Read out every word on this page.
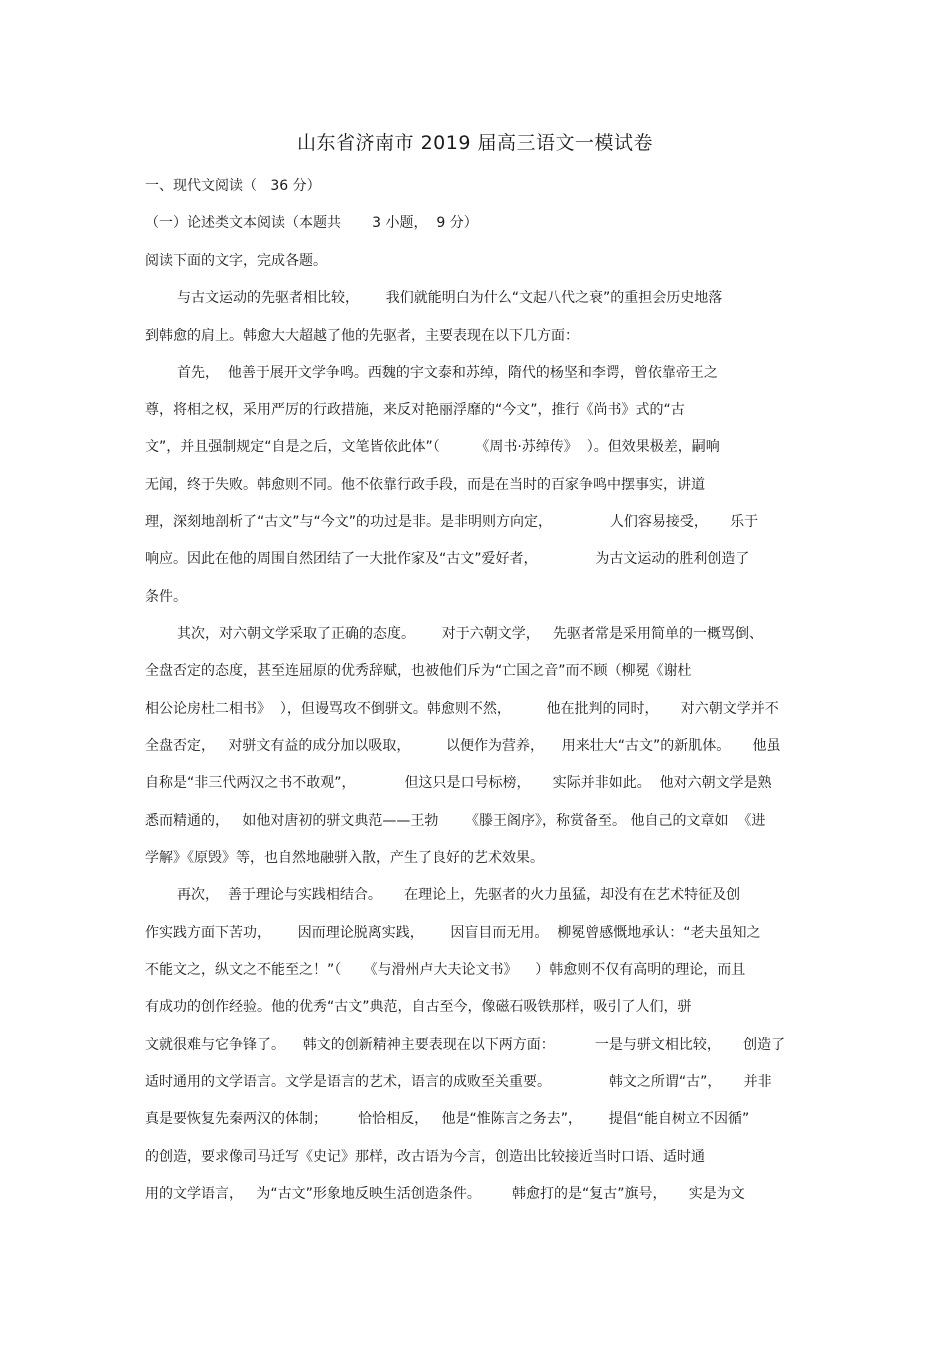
山东省济南市 2019 届高三语文一模试卷
一、现代文阅读（   36 分）
（一）论述类文本阅读（本题共       3 小题，  9 分）
阅读下面的文字，完成各题。
与古文运动的先驱者相比较，      我们就能明白为什么“文起八代之衰”的重担会历史地落
到韩愈的肩上。韩愈大大超越了他的先驱者，主要表现在以下几方面：
首先，  他善于展开文学争鸣。西魏的宇文泰和苏绰，隋代的杨坚和李谔，曾依靠帝王之
尊，将相之权，采用严厉的行政措施，来反对艳丽浮靡的“今文”，推行《尚书》式的“古
文”，并且强制规定“自是之后，文笔皆依此体”（        《周书·苏绰传》  ）。但效果极差，嗣响
无闻，终于失败。韩愈则不同。他不依靠行政手段，而是在当时的百家争鸣中摆事实，讲道
理，深刻地剖析了“古文”与“今文”的功过是非。是非明则方向定，             人们容易接受，     乐于
响应。因此在他的周围自然团结了一大批作家及“古文”爱好者，             为古文运动的胜利创造了
条件。
其次，对六朝文学采取了正确的态度。      对于六朝文学，   先驱者常是采用简单的一概骂倒、
全盘否定的态度，甚至连屈原的优秀辞赋，也被他们斥为“亡国之音”而不顾（柳冕《谢杜
相公论房杜二相书》  ），但谩骂攻不倒骈文。韩愈则不然，        他在批判的同时，     对六朝文学并不
全盘否定，   对骈文有益的成分加以吸取，        以便作为营养，    用来壮大“古文”的新肌体。     他虽
自称是“非三代两汉之书不敢观”，           但这只是口号标榜，     实际并非如此。  他对六朝文学是熟
悉而精通的，   如他对唐初的骈文典范——王勃      《滕王阁序》，称赏备至。 他自己的文章如  《进
学解》《原毁》等，也自然地融骈入散，产生了良好的艺术效果。
再次，  善于理论与实践相结合。     在理论上，先驱者的火力虽猛，却没有在艺术特征及创
作实践方面下苦功，      因而理论脱离实践，      因盲目而无用。  柳冕曾感慨地承认：“老夫虽知之
不能文之，纵文之不能至之！”（     《与滑州卢大夫论文书》    ）韩愈则不仅有高明的理论，而且
有成功的创作经验。他的优秀“古文”典范，自古至今，像磁石吸铁那样，吸引了人们，骈
文就很难与它争锋了。    韩文的创新精神主要表现在以下两方面：         一是与骈文相比较，     创造了
适时通用的文学语言。文学是语言的艺术，语言的成败至关重要。             韩文之所谓“古”，     并非
真是要恢复先秦两汉的体制；       恰恰相反，   他是“惟陈言之务去”，      提倡“能自树立不因循”
的创造，要求像司马迁写《史记》那样，改古语为今言，创造出比较接近当时口语、适时通
用的文学语言，   为“古文”形象地反映生活创造条件。       韩愈打的是“复古”旗号，     实是为文
